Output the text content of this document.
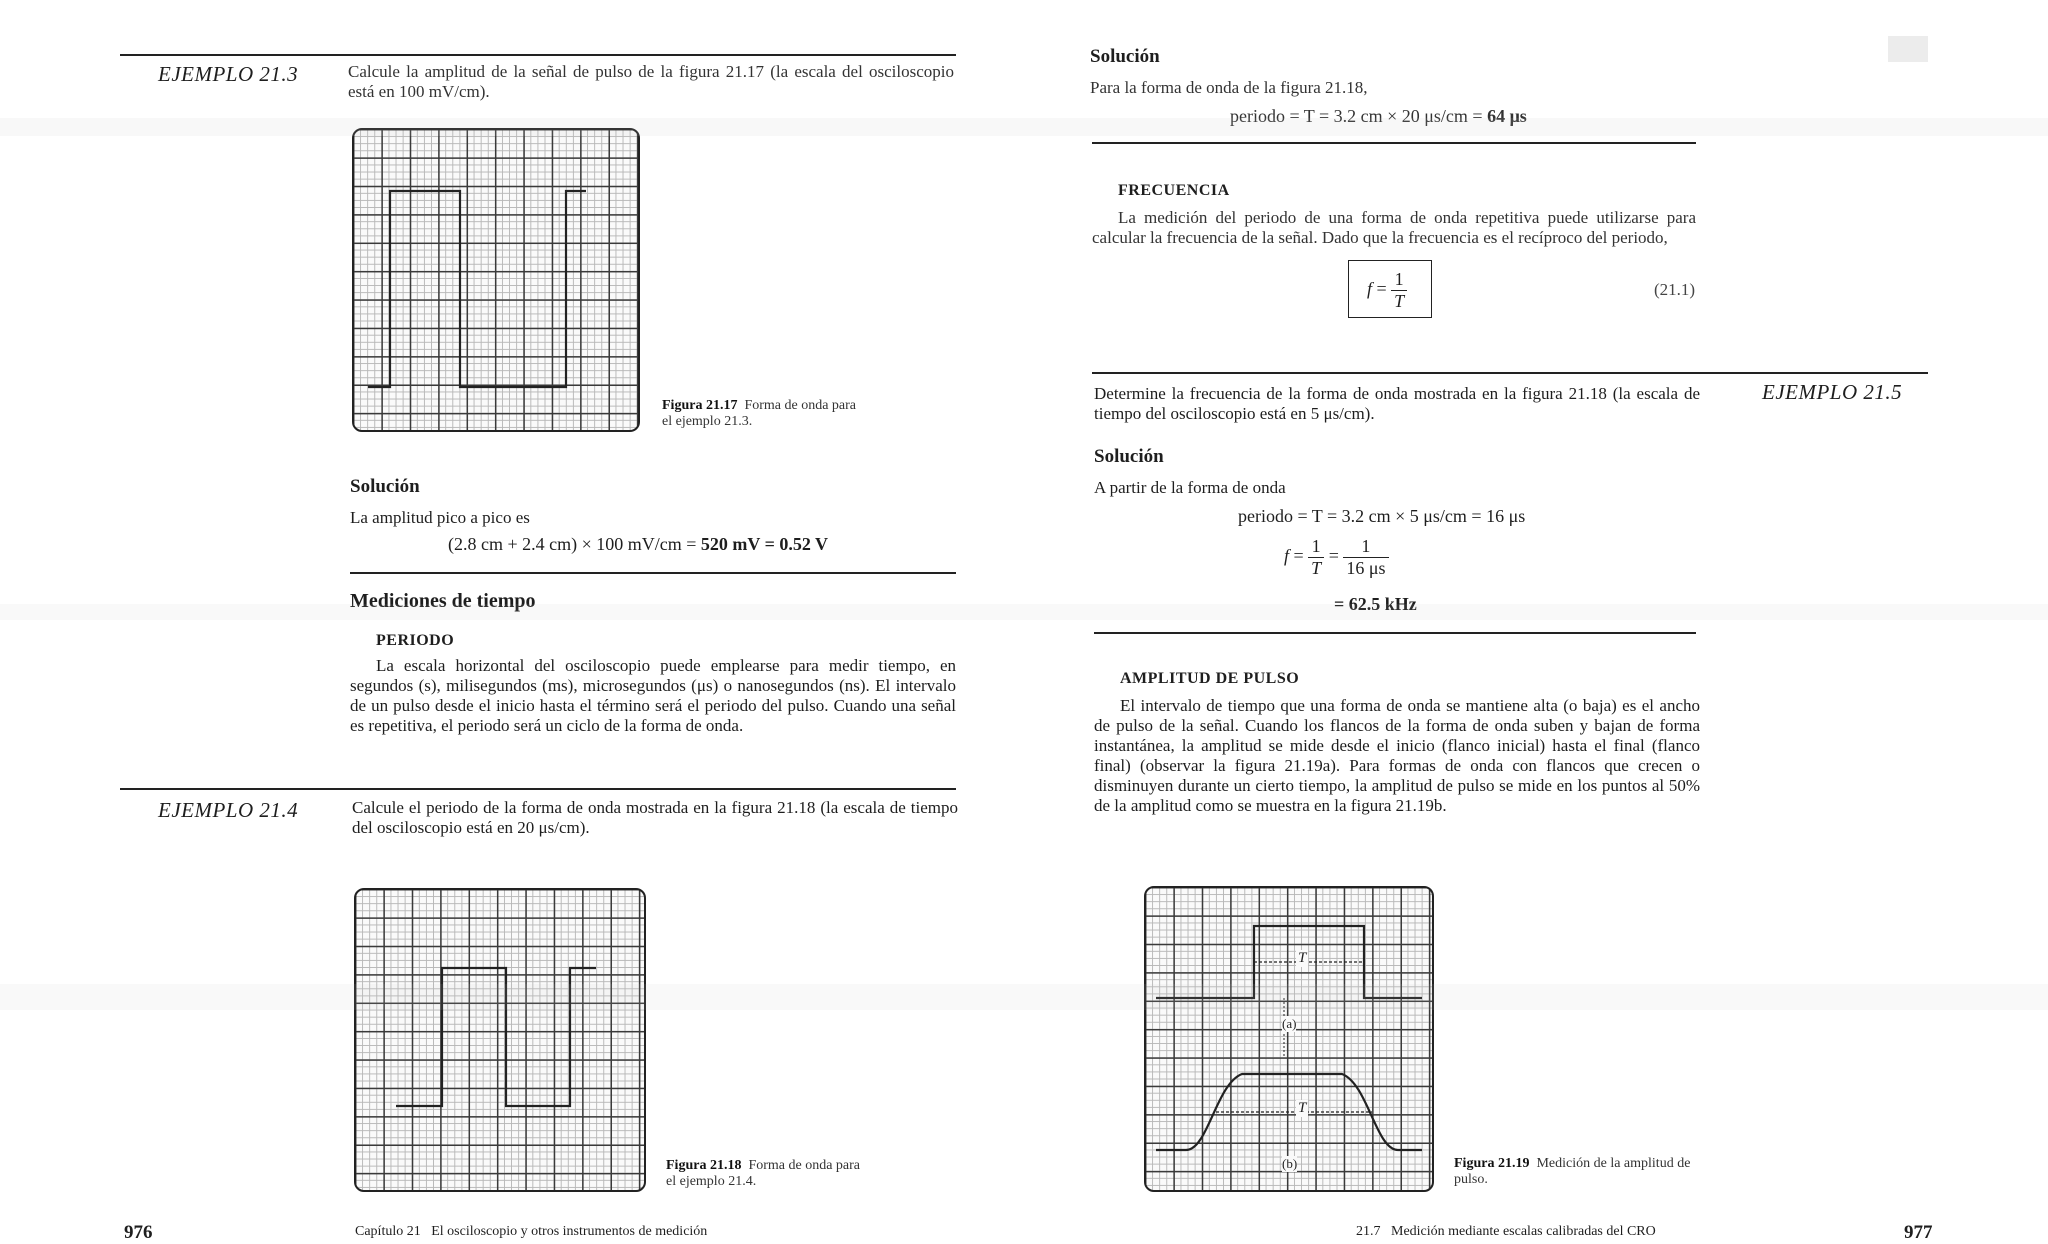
EJEMPLO 21.3	Calcule la amplitud de la señal de pulso de la figura 21.17 (la escala del osciloscopio está en 100 mV/cm).
Figura 21.17 Forma de onda para el ejemplo 21.3.
Solución
La amplitud pico a pico es
(2.8 cm + 2.4 cm) × 100 mV/cm = 520 mV = 0.52 V
Mediciones de tiempo
PERIODO
La escala horizontal del osciloscopio puede emplearse para medir tiempo, en segundos (s), milisegundos (ms), microsegundos (μs) o nanosegundos (ns). El intervalo de un pulso desde el inicio hasta el término será el periodo del pulso. Cuando una señal es repetitiva, el periodo será un ciclo de la forma de onda.
EJEMPLO 21.4	Calcule el periodo de la forma de onda mostrada en la figura 21.18 (la escala de tiempo del osciloscopio está en 20 μs/cm).
Figura 21.18 Forma de onda para el ejemplo 21.4.
976	Capítulo 21   El osciloscopio y otros instrumentos de medición
Solución
Para la forma de onda de la figura 21.18,
periodo = T = 3.2 cm × 20 μs/cm = 64 μs
FRECUENCIA
La medición del periodo de una forma de onda repetitiva puede utilizarse para calcular la frecuencia de la señal. Dado que la frecuencia es el recíproco del periodo,
$f = \frac{1}{T}$	(21.1)
EJEMPLO 21.5
Determine la frecuencia de la forma de onda mostrada en la figura 21.18 (la escala de tiempo del osciloscopio está en 5 μs/cm).
Solución
A partir de la forma de onda
periodo = T = 3.2 cm × 5 μs/cm = 16 μs
$f = \frac{1}{T} = \frac{1}{16 \mu s}$
= 62.5 kHz
AMPLITUD DE PULSO
El intervalo de tiempo que una forma de onda se mantiene alta (o baja) es el ancho de pulso de la señal. Cuando los flancos de la forma de onda suben y bajan de forma instantánea, la amplitud se mide desde el inicio (flanco inicial) hasta el final (flanco final) (observar la figura 21.19a). Para formas de onda con flancos que crecen o disminuyen durante un cierto tiempo, la amplitud de pulso se mide en los puntos al 50% de la amplitud como se muestra en la figura 21.19b.
T
(a)
T
(b)	Figura 21.19 Medición de la amplitud de pulso.
21.7   Medición mediante escalas calibradas del CRO	977
